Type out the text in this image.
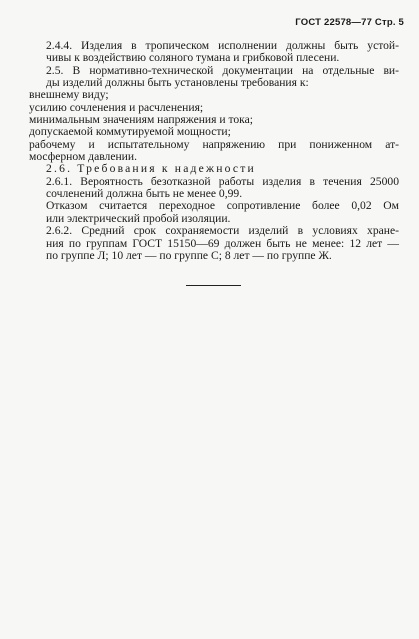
ГОСТ 22578—77 Стр. 5
2.4.4. Изделия в тропическом исполнении должны быть устой-
чивы к воздействию соляного тумана и грибковой плесени.
2.5. В нормативно-технической документации на отдельные ви-
ды изделий должны быть установлены требования к:
внешнему виду;
усилию сочленения и расчленения;
минимальным значениям напряжения и тока;
допускаемой коммутируемой мощности;
рабочему и испытательному напряжению при пониженном ат-
мосферном давлении.
2.6. Требования к надежности
2.6.1. Вероятность безотказной работы изделия в течения 25000
сочленений должна быть не менее 0,99.
Отказом считается переходное сопротивление более 0,02 Ом
или электрический пробой изоляции.
2.6.2. Средний срок сохраняемости изделий в условиях хране-
ния по группам ГОСТ 15150—69 должен быть не менее: 12 лет —
по группе Л; 10 лет — по группе С; 8 лет — по группе Ж.
